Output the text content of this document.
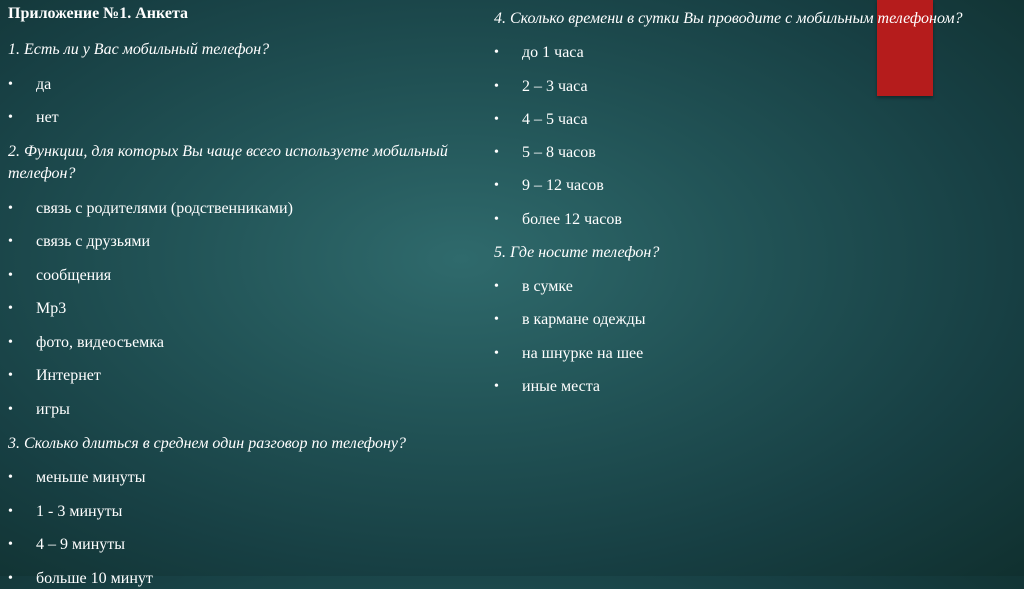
Приложение №1. Анкета
1. Есть ли у Вас мобильный телефон?
• да
• нет
2. Функции, для которых Вы чаще всего используете мобильный телефон?
• связь с родителями (родственниками)
• связь с друзьями
• сообщения
• Мр3
• фото, видеосъемка
• Интернет
• игры
3. Сколько длиться в среднем один разговор по телефону?
• меньше минуты
• 1 - 3 минуты
• 4 – 9 минуты
• больше 10 минут
4. Сколько времени в сутки Вы проводите с мобильным телефоном?
• до 1 часа
• 2 – 3 часа
• 4 – 5 часа
• 5 – 8 часов
• 9 – 12 часов
• более 12 часов
5. Где носите телефон?
• в сумке
• в кармане одежды
• на шнурке на шее
• иные места
